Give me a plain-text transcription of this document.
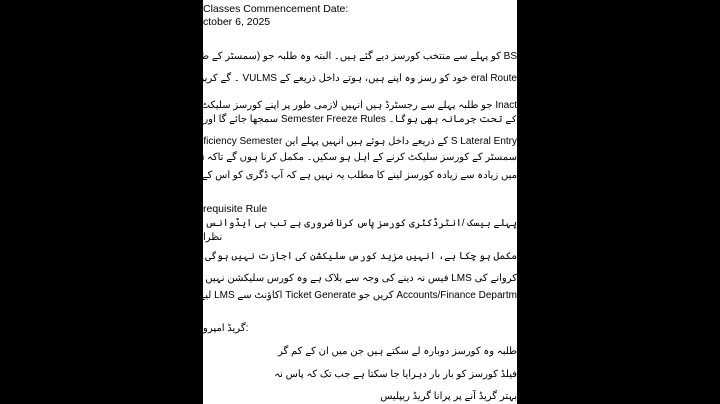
Classes Commencement Date:
ctober 6, 2025
BS کو پہلے سے منتخب کورسز دیے گئے ہیں۔ البتہ وہ طلبہ جو (سمسٹر کے طلبہ (1st نئے داخل ہو
eral Route خود کو رسز وہ اپنے ہیں، ہوتے داخل ذریعے کے VULMS ۔ گے کریں سلیکٹ سے
Inact جو طلبہ پہلے سے رجسٹرڈ ہیں انہیں لازمی طور پر اپنے کورسز سلیکٹ کرنے ہیں، ورنہ انہیں اس
کے تحت جرمانہ بھی ہوگا۔ Semester Freeze Rules سمجھا جائے گا اور ان
S Lateral Entry کے ذریعے داخل ہوئے ہیں انہیں پہلے این Bridging/Deficiency Semester کورسز
سمسٹر کے کورسز سلیکٹ کرنے کے اہل ہو سکیں۔ مکمل کرنا ہوں گے تاکہ math
میں زیادہ سے زیادہ کورسز لینے کا مطلب یہ نہیں ہے کہ آپ ڈگری کو اس کے کم از کم مقررہ وقت سے
requisite Rule
پہلے بیسک /انٹرڈکٹری کورسز پاس کرنا ضروری ہے تب ہی ایڈوانس کورسز میں داخلہ لے سکتے ہیں
نظرا
مکمل ہو چکا ہے، انہیں مزید کورس سلیکشن کی اجازت نہیں ہوگی۔ Maximum Time Duration وہ
کروانے کی LMS فیس نہ دینے کی وجہ سے بلاک ہے وہ کورس سلیکشن نہیں کر سکتے۔ VULMS
Accounts/Finance Departm کریں جو Ticket Generate اکاؤنٹ سے LMS لیے اپنی بقایا فیس ادا
گریڈ امپرو:
طلبہ وہ کورسز دوبارہ لے سکتے ہیں جن میں ان کے کم گر
فیلڈ کورسز کو بار بار دہرایا جا سکتا ہے جب تک کہ پاس نہ
بہتر گریڈ آنے پر پرانا گریڈ ریپلیس
